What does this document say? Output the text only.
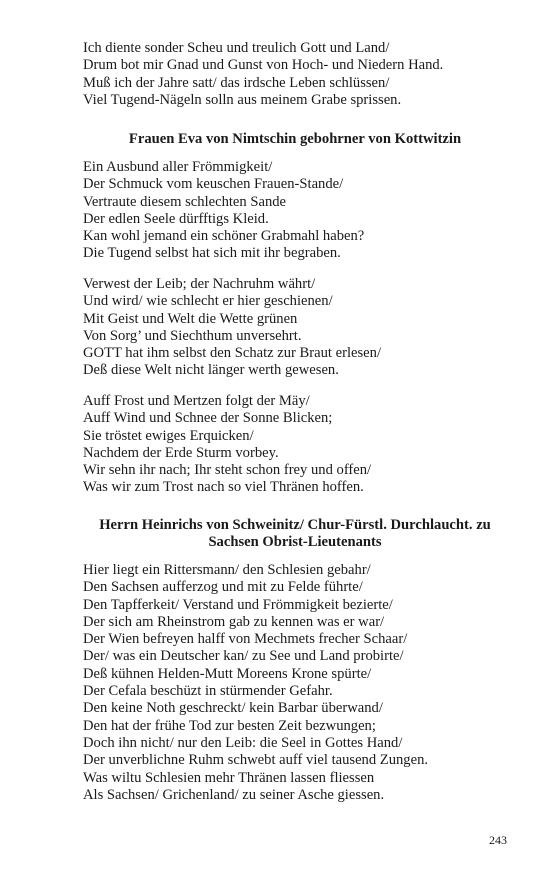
Ich diente sonder Scheu und treulich Gott und Land/
Drum bot mir Gnad und Gunst von Hoch- und Niedern Hand.
Muß ich der Jahre satt/ das irdsche Leben schlüssen/
Viel Tugend-Nägeln solln aus meinem Grabe sprissen.
Frauen Eva von Nimtschin gebohrner von Kottwitzin
Ein Ausbund aller Frömmigkeit/
Der Schmuck vom keuschen Frauen-Stande/
Vertraute diesem schlechten Sande
Der edlen Seele dürfftigs Kleid.
Kan wohl jemand ein schöner Grabmahl haben?
Die Tugend selbst hat sich mit ihr begraben.
Verwest der Leib; der Nachruhm währt/
Und wird/ wie schlecht er hier geschienen/
Mit Geist und Welt die Wette grünen
Von Sorg’ und Siechthum unversehrt.
GOTT hat ihm selbst den Schatz zur Braut erlesen/
Deß diese Welt nicht länger werth gewesen.
Auff Frost und Mertzen folgt der Mäy/
Auff Wind und Schnee der Sonne Blicken;
Sie tröstet ewiges Erquicken/
Nachdem der Erde Sturm vorbey.
Wir sehn ihr nach; Ihr steht schon frey und offen/
Was wir zum Trost nach so viel Thränen hoffen.
Herrn Heinrichs von Schweinitz/ Chur-Fürstl. Durchlaucht. zu
Sachsen Obrist-Lieutenants
Hier liegt ein Rittersmann/ den Schlesien gebahr/
Den Sachsen aufferzog und mit zu Felde führte/
Den Tapfferkeit/ Verstand und Frömmigkeit bezierte/
Der sich am Rheinstrom gab zu kennen was er war/
Der Wien befreyen halff von Mechmets frecher Schaar/
Der/ was ein Deutscher kan/ zu See und Land probirte/
Deß kühnen Helden-Mutt Moreens Krone spürte/
Der Cefala beschüzt in stürmender Gefahr.
Den keine Noth geschreckt/ kein Barbar überwand/
Den hat der frühe Tod zur besten Zeit bezwungen;
Doch ihn nicht/ nur den Leib: die Seel in Gottes Hand/
Der unverblichne Ruhm schwebt auff viel tausend Zungen.
Was wiltu Schlesien mehr Thränen lassen fliessen
Als Sachsen/ Grichenland/ zu seiner Asche giessen.
243
